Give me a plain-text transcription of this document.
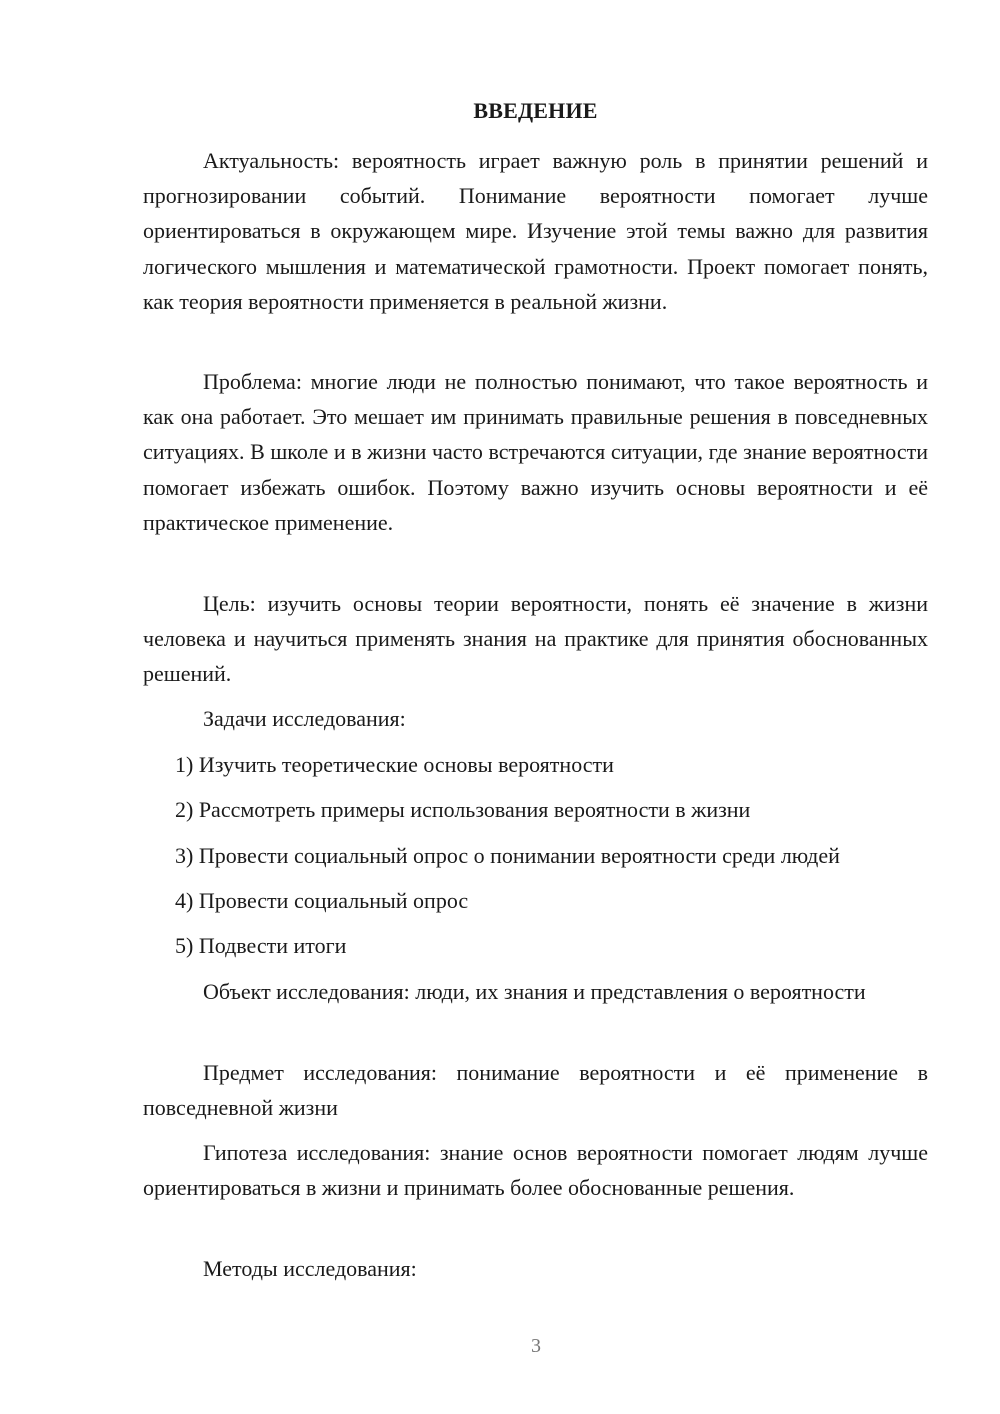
ВВЕДЕНИЕ

Актуальность: вероятность играет важную роль в принятии решений и прогнозировании событий. Понимание вероятности помогает лучше ориентироваться в окружающем мире. Изучение этой темы важно для развития логического мышления и математической грамотности. Проект помогает понять, как теория вероятности применяется в реальной жизни.

Проблема: многие люди не полностью понимают, что такое вероятность и как она работает. Это мешает им принимать правильные решения в повседневных ситуациях. В школе и в жизни часто встречаются ситуации, где знание вероятности помогает избежать ошибок. Поэтому важно изучить основы вероятности и её практическое применение.

Цель: изучить основы теории вероятности, понять её значение в жизни человека и научиться применять знания на практике для принятия обоснованных решений.

Задачи исследования:

1) Изучить теоретические основы вероятности

2) Рассмотреть примеры использования вероятности в жизни

3) Провести социальный опрос о понимании вероятности среди людей

4) Провести социальный опрос

5) Подвести итоги

Объект исследования: люди, их знания и представления о вероятности

Предмет исследования: понимание вероятности и её применение в повседневной жизни

Гипотеза исследования: знание основ вероятности помогает людям лучше ориентироваться в жизни и принимать более обоснованные решения.

Методы исследования:

3
